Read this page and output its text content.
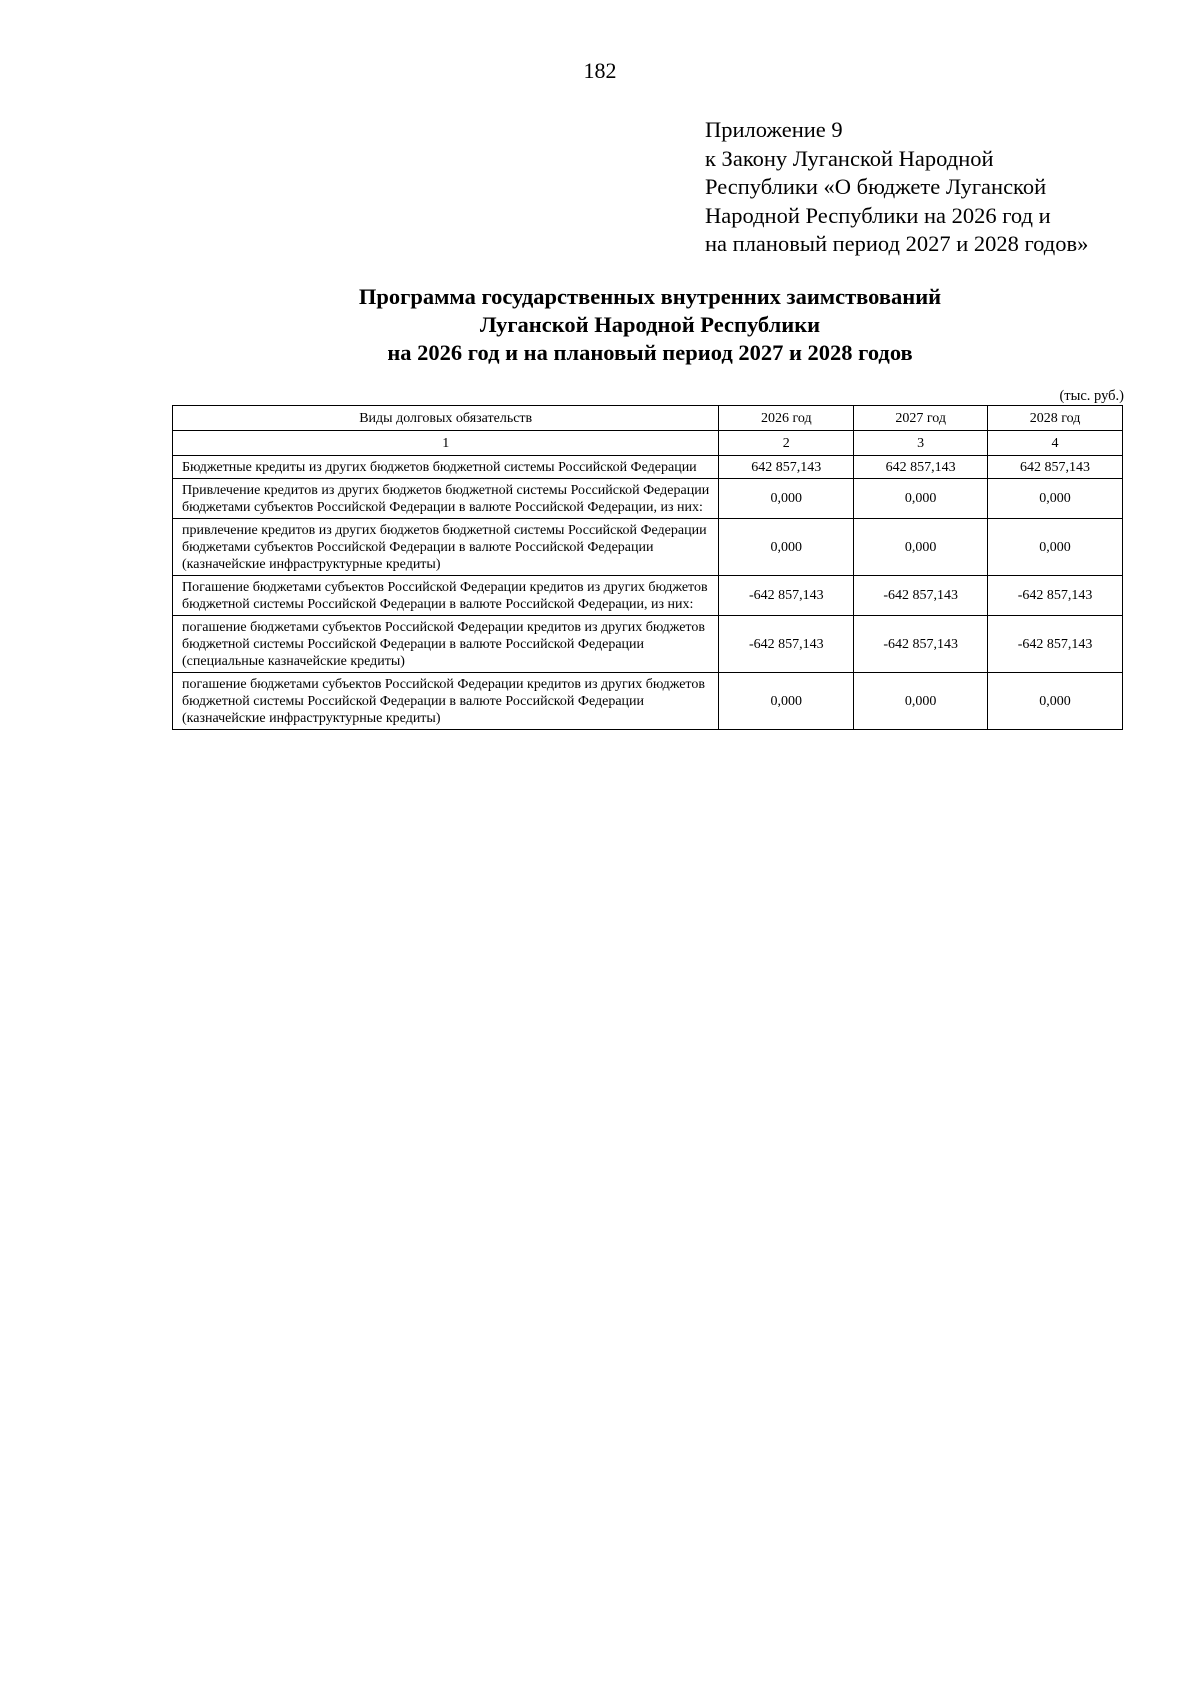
182
Приложение 9
к Закону Луганской Народной
Республики «О бюджете Луганской
Народной Республики на 2026 год и
на плановый период 2027 и 2028 годов»
Программа государственных внутренних заимствований
Луганской Народной Республики
на 2026 год и на плановый период 2027 и 2028 годов
(тыс. руб.)
Виды долговых обязательств	2026 год	2027 год	2028 год
1	2	3	4
Бюджетные кредиты из других бюджетов бюджетной системы Российской Федерации	642 857,143	642 857,143	642 857,143
Привлечение кредитов из других бюджетов бюджетной системы Российской Федерации бюджетами субъектов Российской Федерации в валюте Российской Федерации, из них:	0,000	0,000	0,000
привлечение кредитов из других бюджетов бюджетной системы Российской Федерации бюджетами субъектов Российской Федерации в валюте Российской Федерации (казначейские инфраструктурные кредиты)	0,000	0,000	0,000
Погашение бюджетами субъектов Российской Федерации кредитов из других бюджетов бюджетной системы Российской Федерации в валюте Российской Федерации, из них:	-642 857,143	-642 857,143	-642 857,143
погашение бюджетами субъектов Российской Федерации кредитов из других бюджетов бюджетной системы Российской Федерации в валюте Российской Федерации (специальные казначейские кредиты)	-642 857,143	-642 857,143	-642 857,143
погашение бюджетами субъектов Российской Федерации кредитов из других бюджетов бюджетной системы Российской Федерации в валюте Российской Федерации (казначейские инфраструктурные кредиты)	0,000	0,000	0,000
